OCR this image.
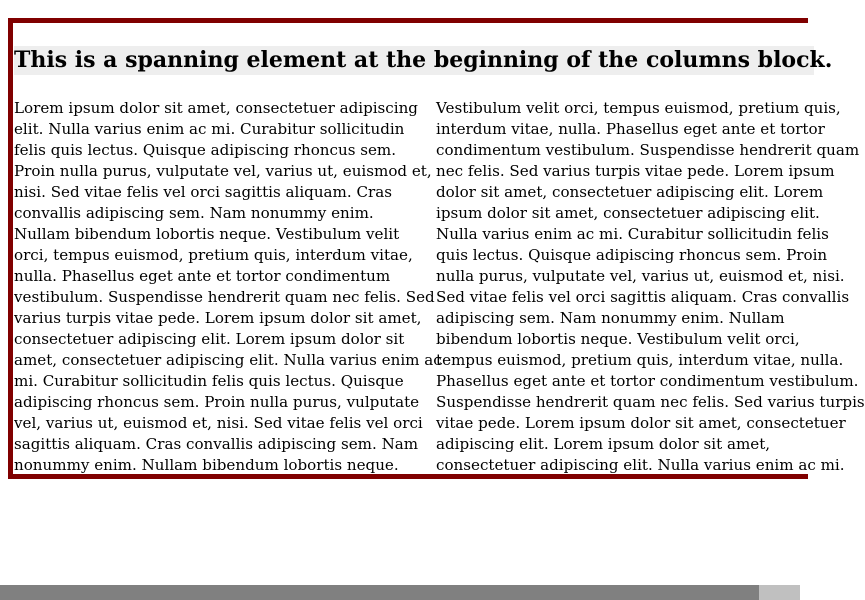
This is a spanning element at the beginning of the columns block.

Lorem ipsum dolor sit amet, consectetuer adipiscing
elit. Nulla varius enim ac mi. Curabitur sollicitudin
felis quis lectus. Quisque adipiscing rhoncus sem.
Proin nulla purus, vulputate vel, varius ut, euismod et,
nisi. Sed vitae felis vel orci sagittis aliquam. Cras
convallis adipiscing sem. Nam nonummy enim.
Nullam bibendum lobortis neque. Vestibulum velit
orci, tempus euismod, pretium quis, interdum vitae,
nulla. Phasellus eget ante et tortor condimentum
vestibulum. Suspendisse hendrerit quam nec felis. Sed
varius turpis vitae pede. Lorem ipsum dolor sit amet,
consectetuer adipiscing elit. Lorem ipsum dolor sit
amet, consectetuer adipiscing elit. Nulla varius enim ac
mi. Curabitur sollicitudin felis quis lectus. Quisque
adipiscing rhoncus sem. Proin nulla purus, vulputate
vel, varius ut, euismod et, nisi. Sed vitae felis vel orci
sagittis aliquam. Cras convallis adipiscing sem. Nam
nonummy enim. Nullam bibendum lobortis neque.

Vestibulum velit orci, tempus euismod, pretium quis,
interdum vitae, nulla. Phasellus eget ante et tortor
condimentum vestibulum. Suspendisse hendrerit quam
nec felis. Sed varius turpis vitae pede. Lorem ipsum
dolor sit amet, consectetuer adipiscing elit. Lorem
ipsum dolor sit amet, consectetuer adipiscing elit.
Nulla varius enim ac mi. Curabitur sollicitudin felis
quis lectus. Quisque adipiscing rhoncus sem. Proin
nulla purus, vulputate vel, varius ut, euismod et, nisi.
Sed vitae felis vel orci sagittis aliquam. Cras convallis
adipiscing sem. Nam nonummy enim. Nullam
bibendum lobortis neque. Vestibulum velit orci,
tempus euismod, pretium quis, interdum vitae, nulla.
Phasellus eget ante et tortor condimentum vestibulum.
Suspendisse hendrerit quam nec felis. Sed varius turpis
vitae pede. Lorem ipsum dolor sit amet, consectetuer
adipiscing elit. Lorem ipsum dolor sit amet,
consectetuer adipiscing elit. Nulla varius enim ac mi.
